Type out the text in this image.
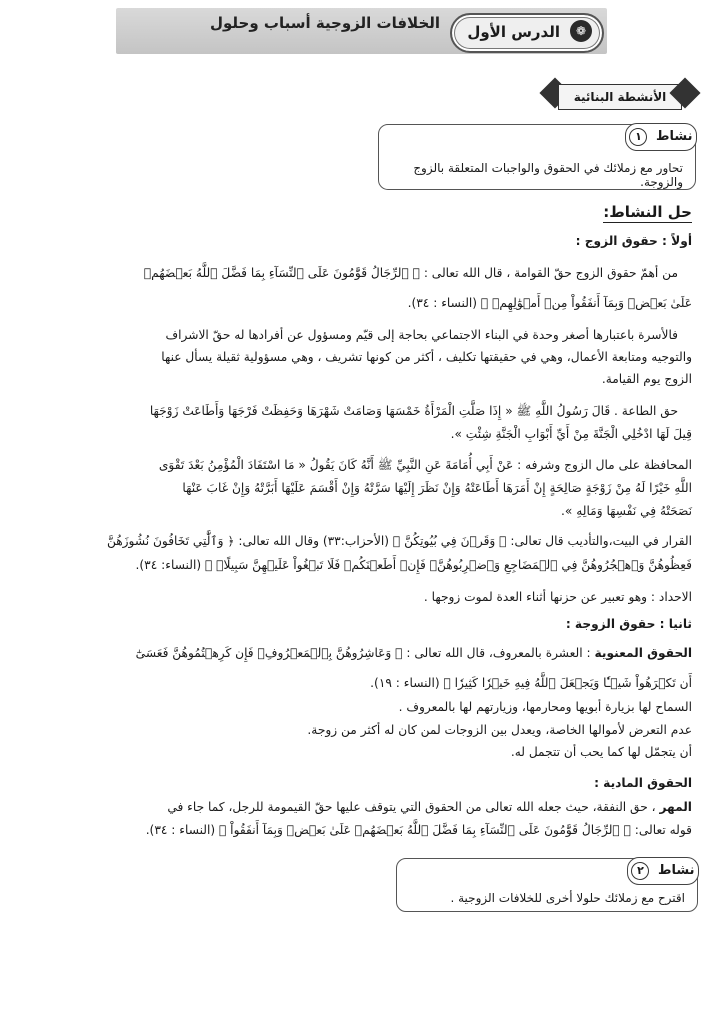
الخلافات الزوجية أسباب وحلول	❁
الدرس الأول
الأنشطة البنائية
نشاط ١
تحاور مع زملائك في الحقوق والواجبات المتعلقة بالزوج والزوجة.
حل النشاط:
أولاً : حقوق الزوج :
من أهمّ حقوق الزوج حقّ القوامة ، قال الله تعالى : ﴿ ٱلرِّجَالُ قَوَّٰمُونَ عَلَى ٱلنِّسَآءِ بِمَا فَضَّلَ ٱللَّهُ بَعۡضَهُمۡ
عَلَىٰ بَعۡضٖ وَبِمَآ أَنفَقُواْ مِنۡ أَمۡوَٰلِهِمۡ ﴾ (النساء : ٣٤).
فالأسرة باعتبارها أصغر وحدة في البناء الاجتماعي بحاجة إلى قيّم ومسؤول عن أفرادها له حقّ الاشراف
والتوجيه ومتابعة الأعمال، وهي في حقيقتها تكليف ، أكثر من كونها تشريف ، وهي مسؤولية ثقيلة يسأل عنها
الزوج يوم القيامة.
حق الطاعة . قَالَ رَسُولُ اللَّهِ ﷺ « إِذَا صَلَّتِ الْمَرْأَةُ خَمْسَهَا وَصَامَتْ شَهْرَهَا وَحَفِظَتْ فَرْجَهَا وَأَطَاعَتْ زَوْجَهَا
قِيلَ لَهَا ادْخُلِي الْجَنَّةَ مِنْ أَيِّ أَبْوَابِ الْجَنَّةِ شِئْتِ ».
المحافظة على مال الزوج وشرفه : عَنْ أَبِي أُمَامَةَ عَنِ النَّبِيِّ ﷺ أَنَّهُ كَانَ يَقُولُ « مَا اسْتَفَادَ الْمُؤْمِنُ بَعْدَ تَقْوَى
اللَّهِ خَيْرًا لَهُ مِنْ زَوْجَةٍ صَالِحَةٍ إِنْ أَمَرَهَا أَطَاعَتْهُ وَإِنْ نَظَرَ إِلَيْهَا سَرَّتْهُ وَإِنْ أَقْسَمَ عَلَيْهَا أَبَرَّتْهُ وَإِنْ غَابَ عَنْهَا
نَصَحَتْهُ فِي نَفْسِهَا وَمَالِهِ ».
القرار في البيت،والتأديب قال تعالى: ﴿ وَقَرۡنَ فِي بُيُوتِكُنَّ ﴾ (الأحزاب:٣٣) وقال الله تعالى: ﴿ وَٱلَّٰتِي تَخَافُونَ نُشُوزَهُنَّ
فَعِظُوهُنَّ وَٱهۡجُرُوهُنَّ فِي ٱلۡمَضَاجِعِ وَٱضۡرِبُوهُنَّۖ فَإِنۡ أَطَعۡنَكُمۡ فَلَا تَبۡغُواْ عَلَيۡهِنَّ سَبِيلًاۗ ﴾ (النساء: ٣٤).
الاحداد : وهو تعبير عن حزنها أثناء العدة لموت زوجها .
ثانيا : حقوق الزوجة :
الحقوق المعنوية : العشرة بالمعروف، قال الله تعالى : ﴿ وَعَاشِرُوهُنَّ بِٱلۡمَعۡرُوفِۚ فَإِن كَرِهۡتُمُوهُنَّ فَعَسَىٰٓ
أَن تَكۡرَهُواْ شَيۡـٔٗا وَيَجۡعَلَ ٱللَّهُ فِيهِ خَيۡرٗا كَثِيرٗا ﴾ (النساء : ١٩).
السماح لها بزيارة أبويها ومحارمها، وزيارتهم لها بالمعروف .
عدم التعرض لأموالها الخاصة، ويعدل بين الزوجات لمن كان له أكثر من زوجة.
أن يتجمّل لها كما يحب أن تتجمل له.
الحقوق المادية :
المهر ، حق النفقة، حيث جعله الله تعالى من الحقوق التي يتوقف عليها حقّ القيمومة للرجل، كما جاء في
قوله تعالى: ﴿ ٱلرِّجَالُ قَوَّٰمُونَ عَلَى ٱلنِّسَآءِ بِمَا فَضَّلَ ٱللَّهُ بَعۡضَهُمۡ عَلَىٰ بَعۡضٖ وَبِمَآ أَنفَقُواْ ﴾ (النساء : ٣٤).
نشاط ٢
اقترح مع زملائك حلولا أخرى للخلافات الزوجية .
